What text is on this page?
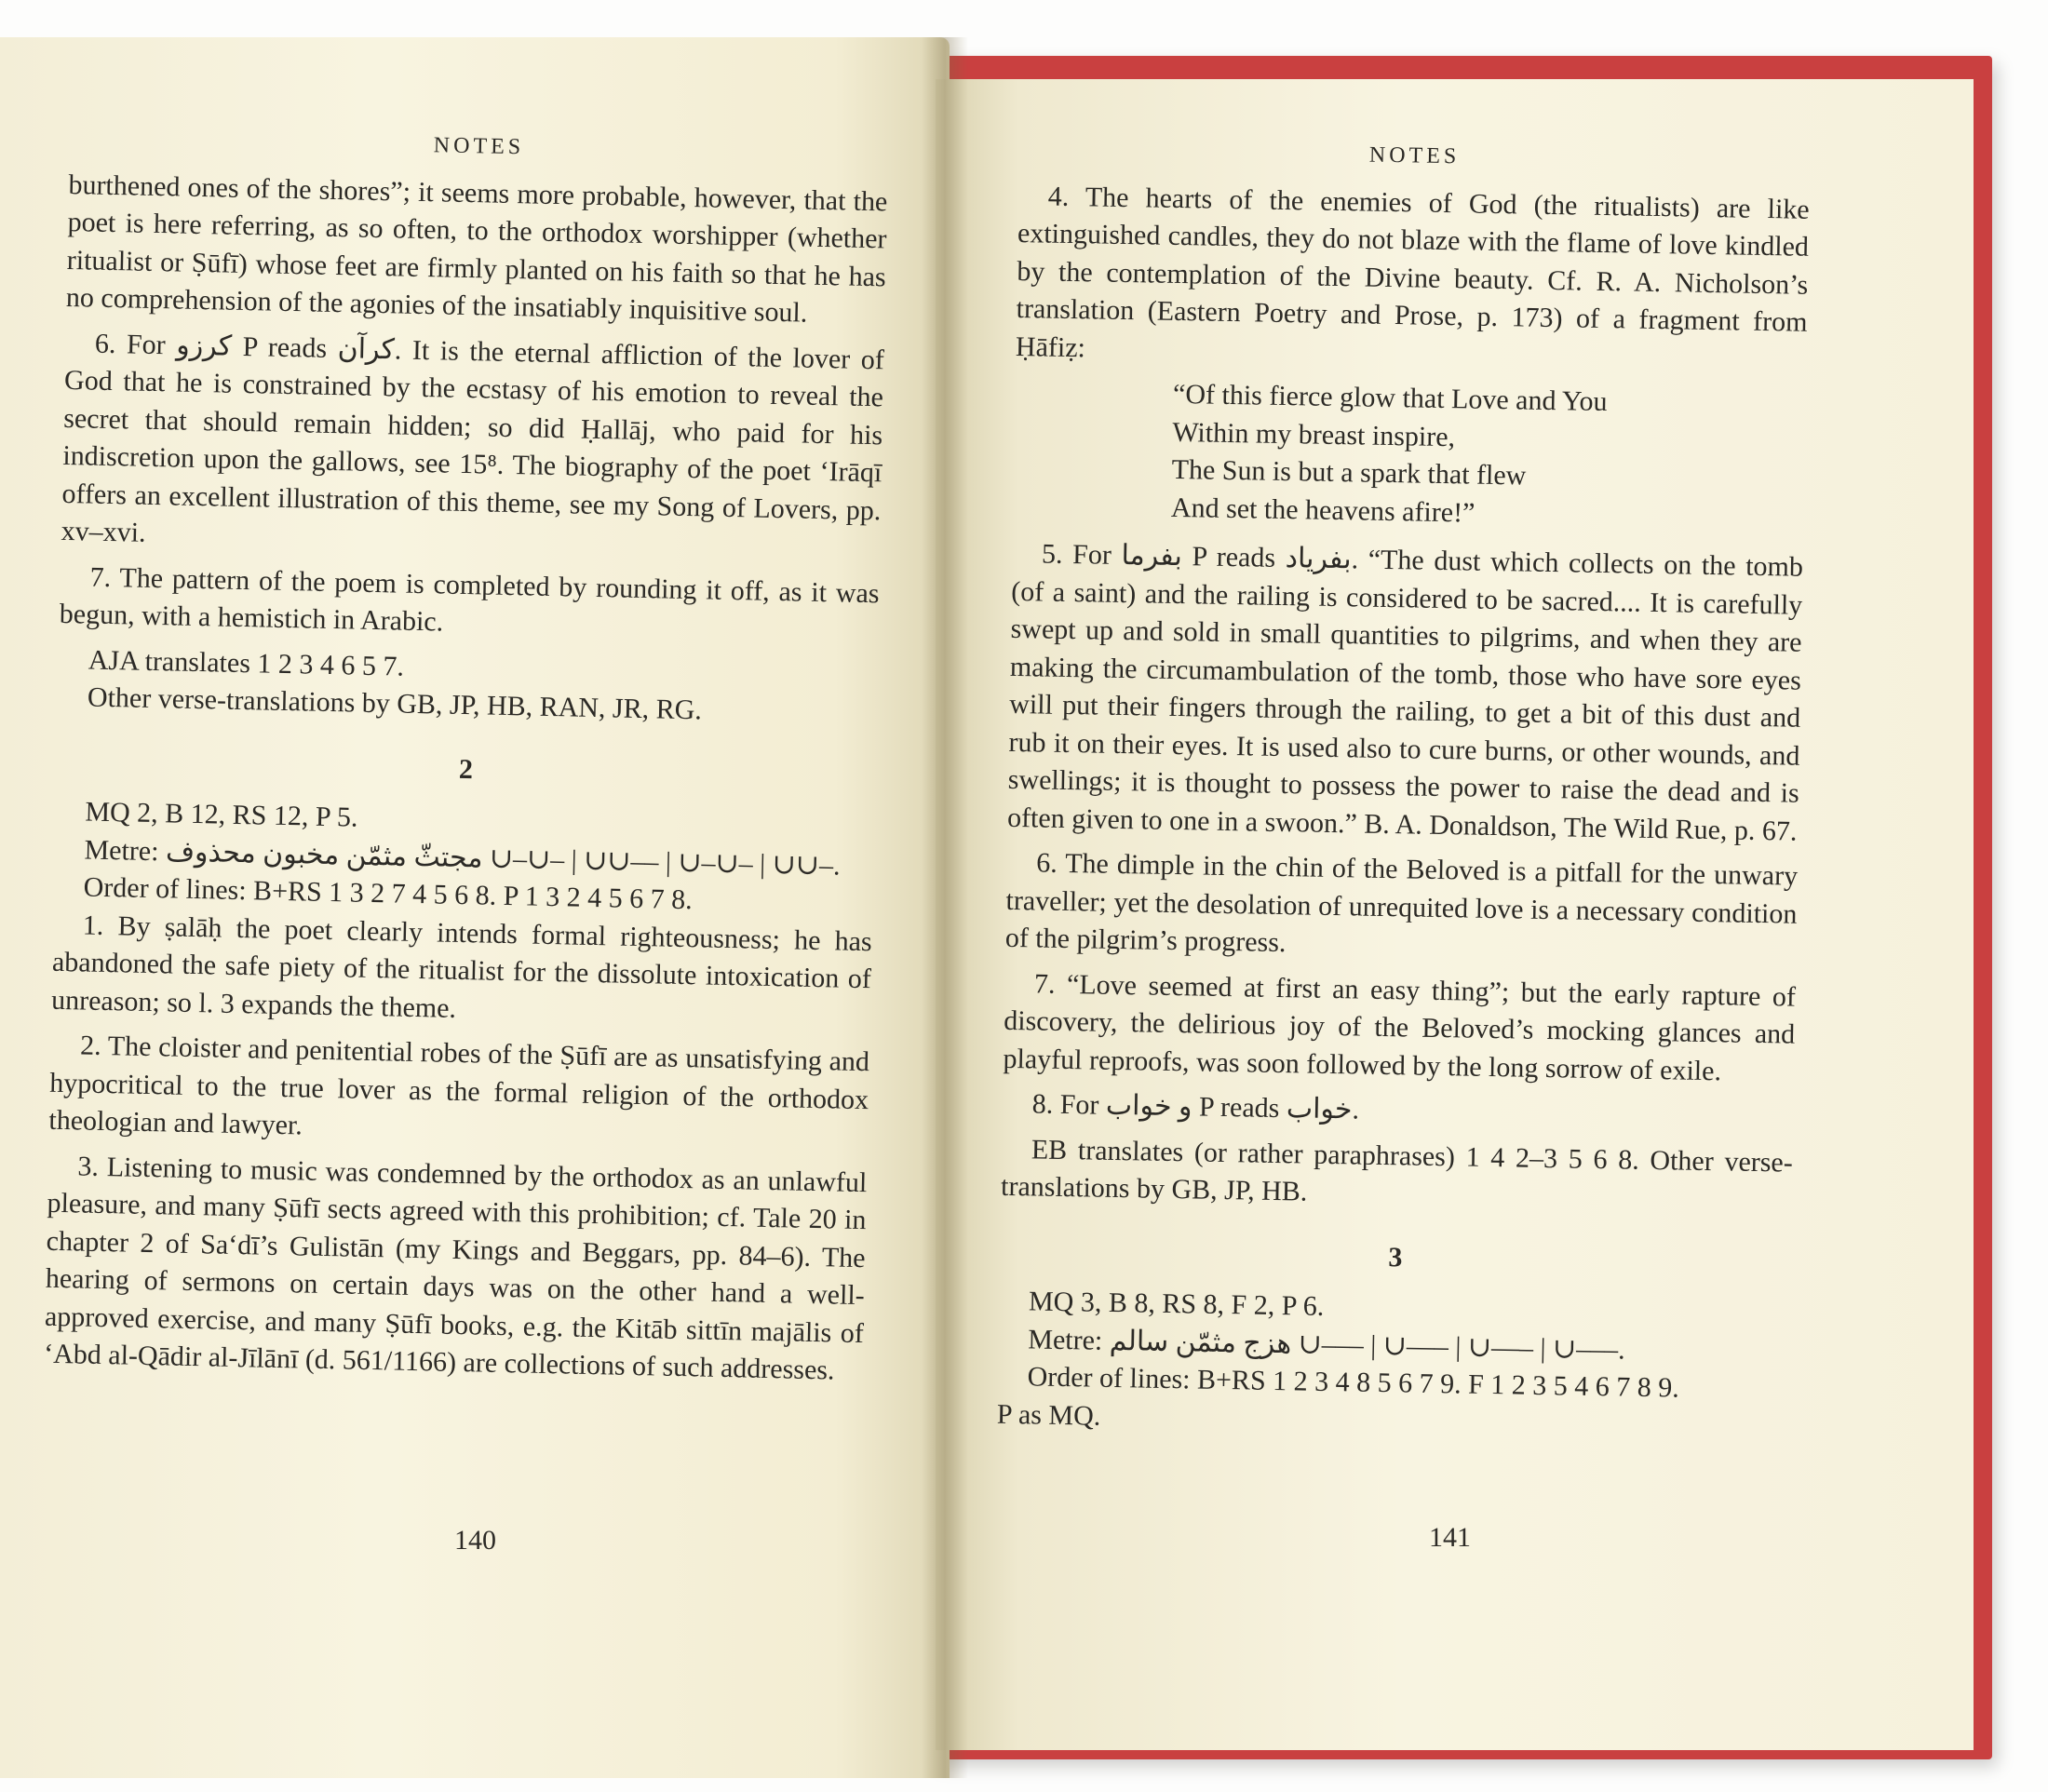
NOTES

burthened ones of the shores”; it seems more probable, however, that the poet is here referring, as so often, to the orthodox worshipper (whether ritualist or Ṣūfī) whose feet are firmly planted on his faith so that he has no comprehension of the agonies of the insatiably inquisitive soul.

6. For كرزو P reads كرآن. It is the eternal affliction of the lover of God that he is constrained by the ecstasy of his emotion to reveal the secret that should remain hidden; so did Ḥallāj, who paid for his indiscretion upon the gallows, see 15⁸. The biography of the poet ‘Irāqī offers an excellent illustration of this theme, see my Song of Lovers, pp. xv–xvi.

7. The pattern of the poem is completed by rounding it off, as it was begun, with a hemistich in Arabic.

AJA translates 1 2 3 4 6 5 7.

Other verse-translations by GB, JP, HB, RAN, JR, RG.

2

MQ 2, B 12, RS 12, P 5.

Metre: مجتثّ مثمّن مخبون محذوف ∪–∪– | ∪∪–– | ∪–∪– | ∪∪–.

Order of lines: B+RS 1 3 2 7 4 5 6 8. P 1 3 2 4 5 6 7 8.

1. By ṣalāḥ the poet clearly intends formal righteousness; he has abandoned the safe piety of the ritualist for the dissolute intoxication of unreason; so l. 3 expands the theme.

2. The cloister and penitential robes of the Ṣūfī are as unsatisfying and hypocritical to the true lover as the formal religion of the orthodox theologian and lawyer.

3. Listening to music was condemned by the orthodox as an unlawful pleasure, and many Ṣūfī sects agreed with this prohibition; cf. Tale 20 in chapter 2 of Sa‘dī’s Gulistān (my Kings and Beggars, pp. 84–6). The hearing of sermons on certain days was on the other hand a well-approved exercise, and many Ṣūfī books, e.g. the Kitāb sittīn majālis of ‘Abd al-Qādir al-Jīlānī (d. 561/1166) are collections of such addresses.

140
NOTES

4. The hearts of the enemies of God (the ritualists) are like extinguished candles, they do not blaze with the flame of love kindled by the contemplation of the Divine beauty. Cf. R. A. Nicholson’s translation (Eastern Poetry and Prose, p. 173) of a fragment from Ḥāfiẓ:

“Of this fierce glow that Love and You
Within my breast inspire,
The Sun is but a spark that flew
And set the heavens afire!”

5. For بفرما P reads بفرياد. “The dust which collects on the tomb (of a saint) and the railing is considered to be sacred.... It is carefully swept up and sold in small quantities to pilgrims, and when they are making the circumambulation of the tomb, those who have sore eyes will put their fingers through the railing, to get a bit of this dust and rub it on their eyes. It is used also to cure burns, or other wounds, and swellings; it is thought to possess the power to raise the dead and is often given to one in a swoon.” B. A. Donaldson, The Wild Rue, p. 67.

6. The dimple in the chin of the Beloved is a pitfall for the unwary traveller; yet the desolation of unrequited love is a necessary condition of the pilgrim’s progress.

7. “Love seemed at first an easy thing”; but the early rapture of discovery, the delirious joy of the Beloved’s mocking glances and playful reproofs, was soon followed by the long sorrow of exile.

8. For و خواب P reads خواب.

EB translates (or rather paraphrases) 1 4 2–3 5 6 8. Other verse-translations by GB, JP, HB.

3

MQ 3, B 8, RS 8, F 2, P 6.

Metre: هزج مثمّن سالم ∪––– | ∪––– | ∪––– | ∪–––.

Order of lines: B+RS 1 2 3 4 8 5 6 7 9. F 1 2 3 5 4 6 7 8 9.

P as MQ.

141
